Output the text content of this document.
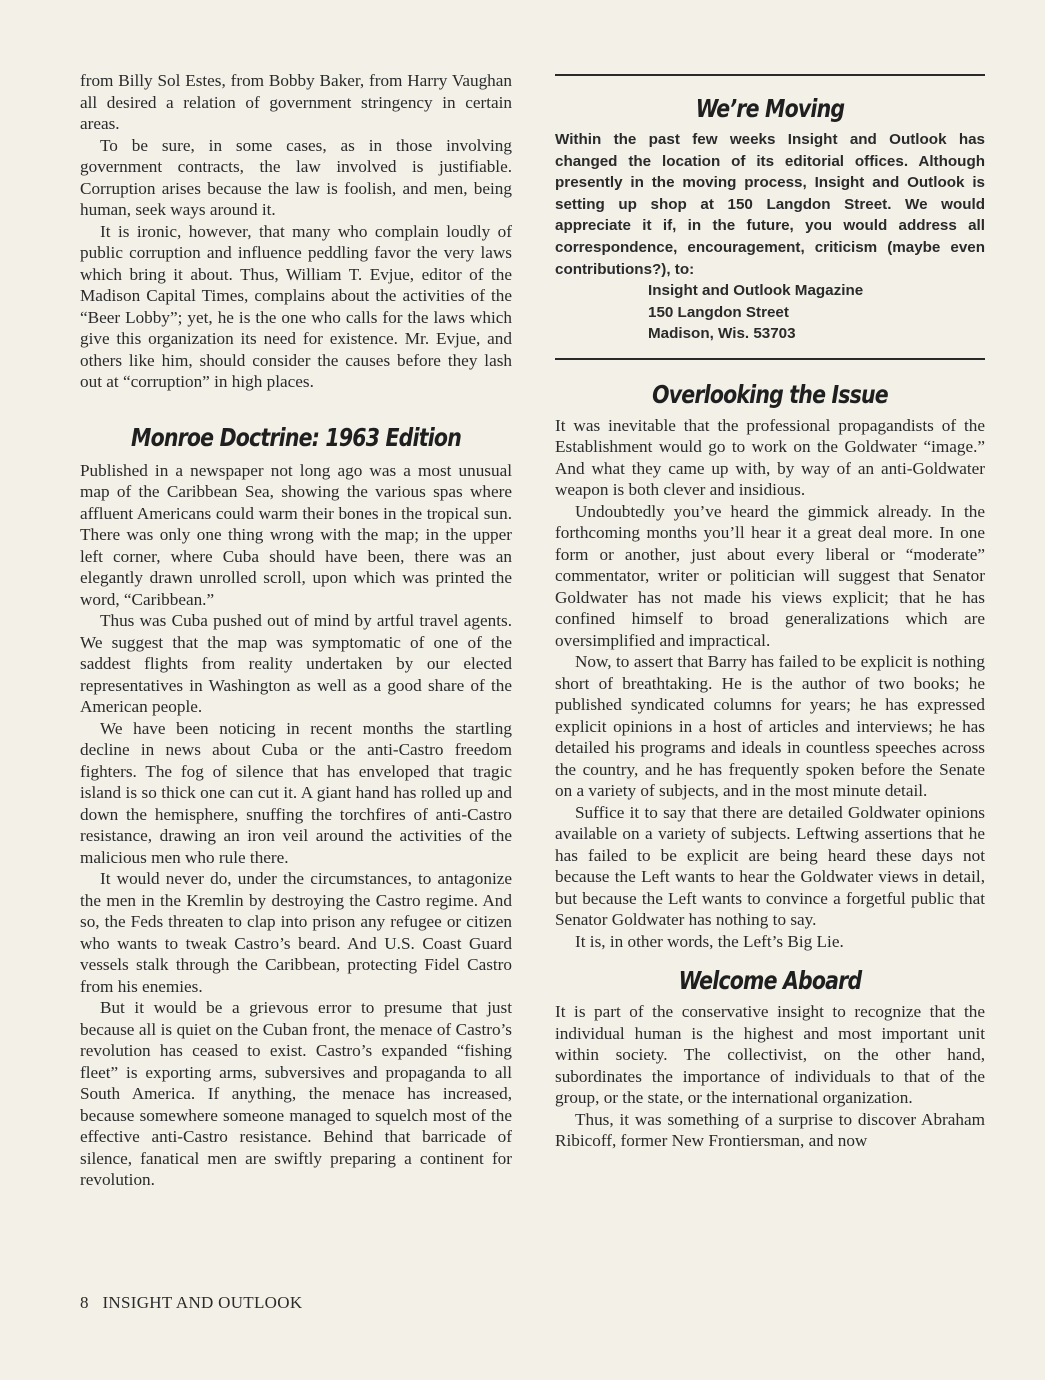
from Billy Sol Estes, from Bobby Baker, from Harry Vaughan all desired a relation of government stringency in certain areas.

To be sure, in some cases, as in those involving government contracts, the law involved is justifiable. Corruption arises because the law is foolish, and men, being human, seek ways around it.

It is ironic, however, that many who complain loudly of public corruption and influence peddling favor the very laws which bring it about. Thus, William T. Evjue, editor of the Madison Capital Times, complains about the activities of the “Beer Lobby”; yet, he is the one who calls for the laws which give this organization its need for existence. Mr. Evjue, and others like him, should consider the causes before they lash out at “corruption” in high places.

Monroe Doctrine: 1963 Edition

Published in a newspaper not long ago was a most unusual map of the Caribbean Sea, showing the various spas where affluent Americans could warm their bones in the tropical sun. There was only one thing wrong with the map; in the upper left corner, where Cuba should have been, there was an elegantly drawn unrolled scroll, upon which was printed the word, “Caribbean.”

Thus was Cuba pushed out of mind by artful travel agents. We suggest that the map was symptomatic of one of the saddest flights from reality undertaken by our elected representatives in Washington as well as a good share of the American people.

We have been noticing in recent months the startling decline in news about Cuba or the anti-Castro freedom fighters. The fog of silence that has enveloped that tragic island is so thick one can cut it. A giant hand has rolled up and down the hemisphere, snuffing the torchfires of anti-Castro resistance, drawing an iron veil around the activities of the malicious men who rule there.

It would never do, under the circumstances, to antagonize the men in the Kremlin by destroying the Castro regime. And so, the Feds threaten to clap into prison any refugee or citizen who wants to tweak Castro’s beard. And U.S. Coast Guard vessels stalk through the Caribbean, protecting Fidel Castro from his enemies.

But it would be a grievous error to presume that just because all is quiet on the Cuban front, the menace of Castro’s revolution has ceased to exist. Castro’s expanded “fishing fleet” is exporting arms, subversives and propaganda to all South America. If anything, the menace has increased, because somewhere someone managed to squelch most of the effective anti-Castro resistance. Behind that barricade of silence, fanatical men are swiftly preparing a continent for revolution.

We’re Moving

Within the past few weeks Insight and Outlook has changed the location of its editorial offices. Although presently in the moving process, Insight and Outlook is setting up shop at 150 Langdon Street. We would appreciate it if, in the future, you would address all correspondence, encouragement, criticism (maybe even contributions?), to:

Insight and Outlook Magazine
150 Langdon Street
Madison, Wis. 53703
Overlooking the Issue

It was inevitable that the professional propagandists of the Establishment would go to work on the Goldwater “image.” And what they came up with, by way of an anti-Goldwater weapon is both clever and insidious.

Undoubtedly you’ve heard the gimmick already. In the forthcoming months you’ll hear it a great deal more. In one form or another, just about every liberal or “moderate” commentator, writer or politician will suggest that Senator Goldwater has not made his views explicit; that he has confined himself to broad generalizations which are oversimplified and impractical.

Now, to assert that Barry has failed to be explicit is nothing short of breathtaking. He is the author of two books; he published syndicated columns for years; he has expressed explicit opinions in a host of articles and interviews; he has detailed his programs and ideals in countless speeches across the country, and he has frequently spoken before the Senate on a variety of subjects, and in the most minute detail.

Suffice it to say that there are detailed Goldwater opinions available on a variety of subjects. Leftwing assertions that he has failed to be explicit are being heard these days not because the Left wants to hear the Goldwater views in detail, but because the Left wants to convince a forgetful public that Senator Goldwater has nothing to say.

It is, in other words, the Left’s Big Lie.

Welcome Aboard

It is part of the conservative insight to recognize that the individual human is the highest and most important unit within society. The collectivist, on the other hand, subordinates the importance of individuals to that of the group, or the state, or the international organization.

Thus, it was something of a surprise to discover Abraham Ribicoff, former New Frontiersman, and now

8 INSIGHT AND OUTLOOK
